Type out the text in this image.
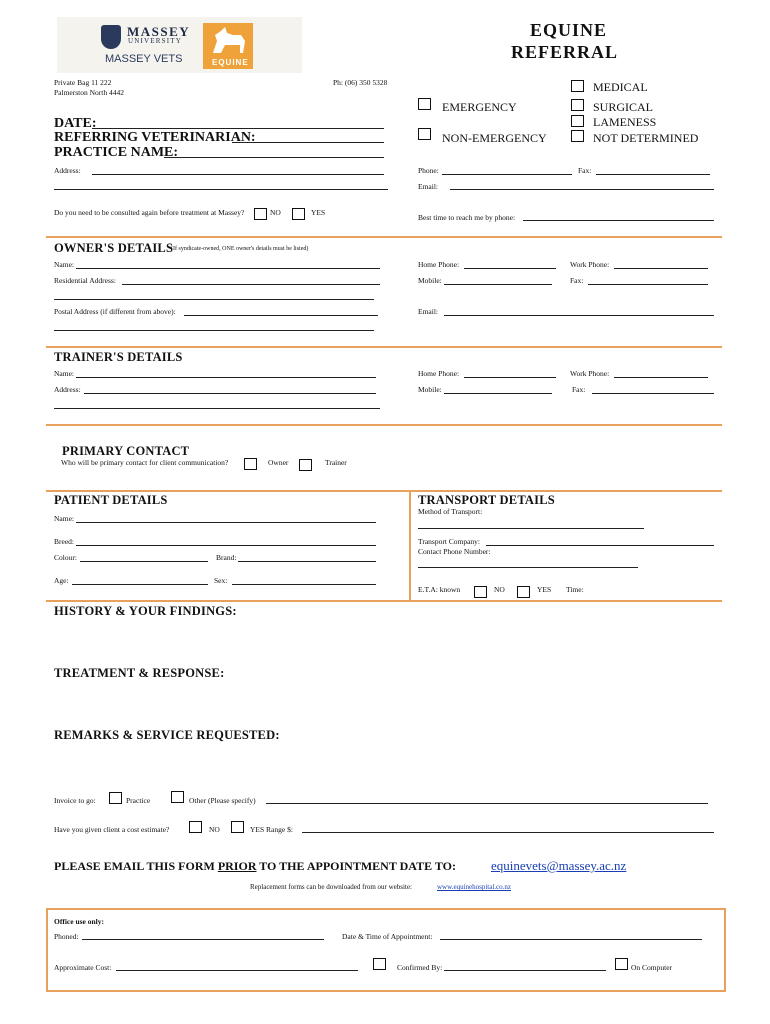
MASSEY
UNIVERSITY
MASSEY VETS	EQUINE
EQUINE
REFERRAL
Private Bag 11 222
Palmerston North 4442
Ph: (06) 350 5328	MEDICAL
EMERGENCY	SURGICAL
LAMENESS
NON-EMERGENCY	NOT DETERMINED
DATE:
REFERRING VETERINARIAN:
PRACTICE NAME:
Address:	Phone:	Fax:
Email:
Do you need to be consulted again before treatment at Massey?	NO	YES
Best time to reach me by phone:
OWNER'S DETAILS
(If syndicate-owned, ONE owner's details must be listed)
Name:
Residential Address:
Postal Address (if different from above):
Home Phone:	Work Phone:
Mobile:	Fax:
Email:
TRAINER'S DETAILS
Name:
Address:
Home Phone:	Work Phone:
Mobile:	Fax:
PRIMARY CONTACT
Who will be primary contact for client communication?	Owner	Trainer
PATIENT DETAILS
Name:
Breed:
Colour:	Brand:
Age:	Sex:
TRANSPORT DETAILS
Method of Transport:
Transport Company:
Contact Phone Number:
E.T.A: known	NO	YES Time:
HISTORY & YOUR FINDINGS:
TREATMENT & RESPONSE:
REMARKS & SERVICE REQUESTED:
Invoice to go:	Practice	Other (Please specify)
Have you given client a cost estimate?	NO	YES Range $:
PLEASE EMAIL THIS FORM PRIOR TO THE APPOINTMENT DATE TO:	equinevets@massey.ac.nz
Replacement forms can be downloaded from our website:	www.equinehospital.co.nz
Office use only:
Phoned:	Date & Time of Appointment:
Approximate Cost:	Confirmed By:	On Computer
